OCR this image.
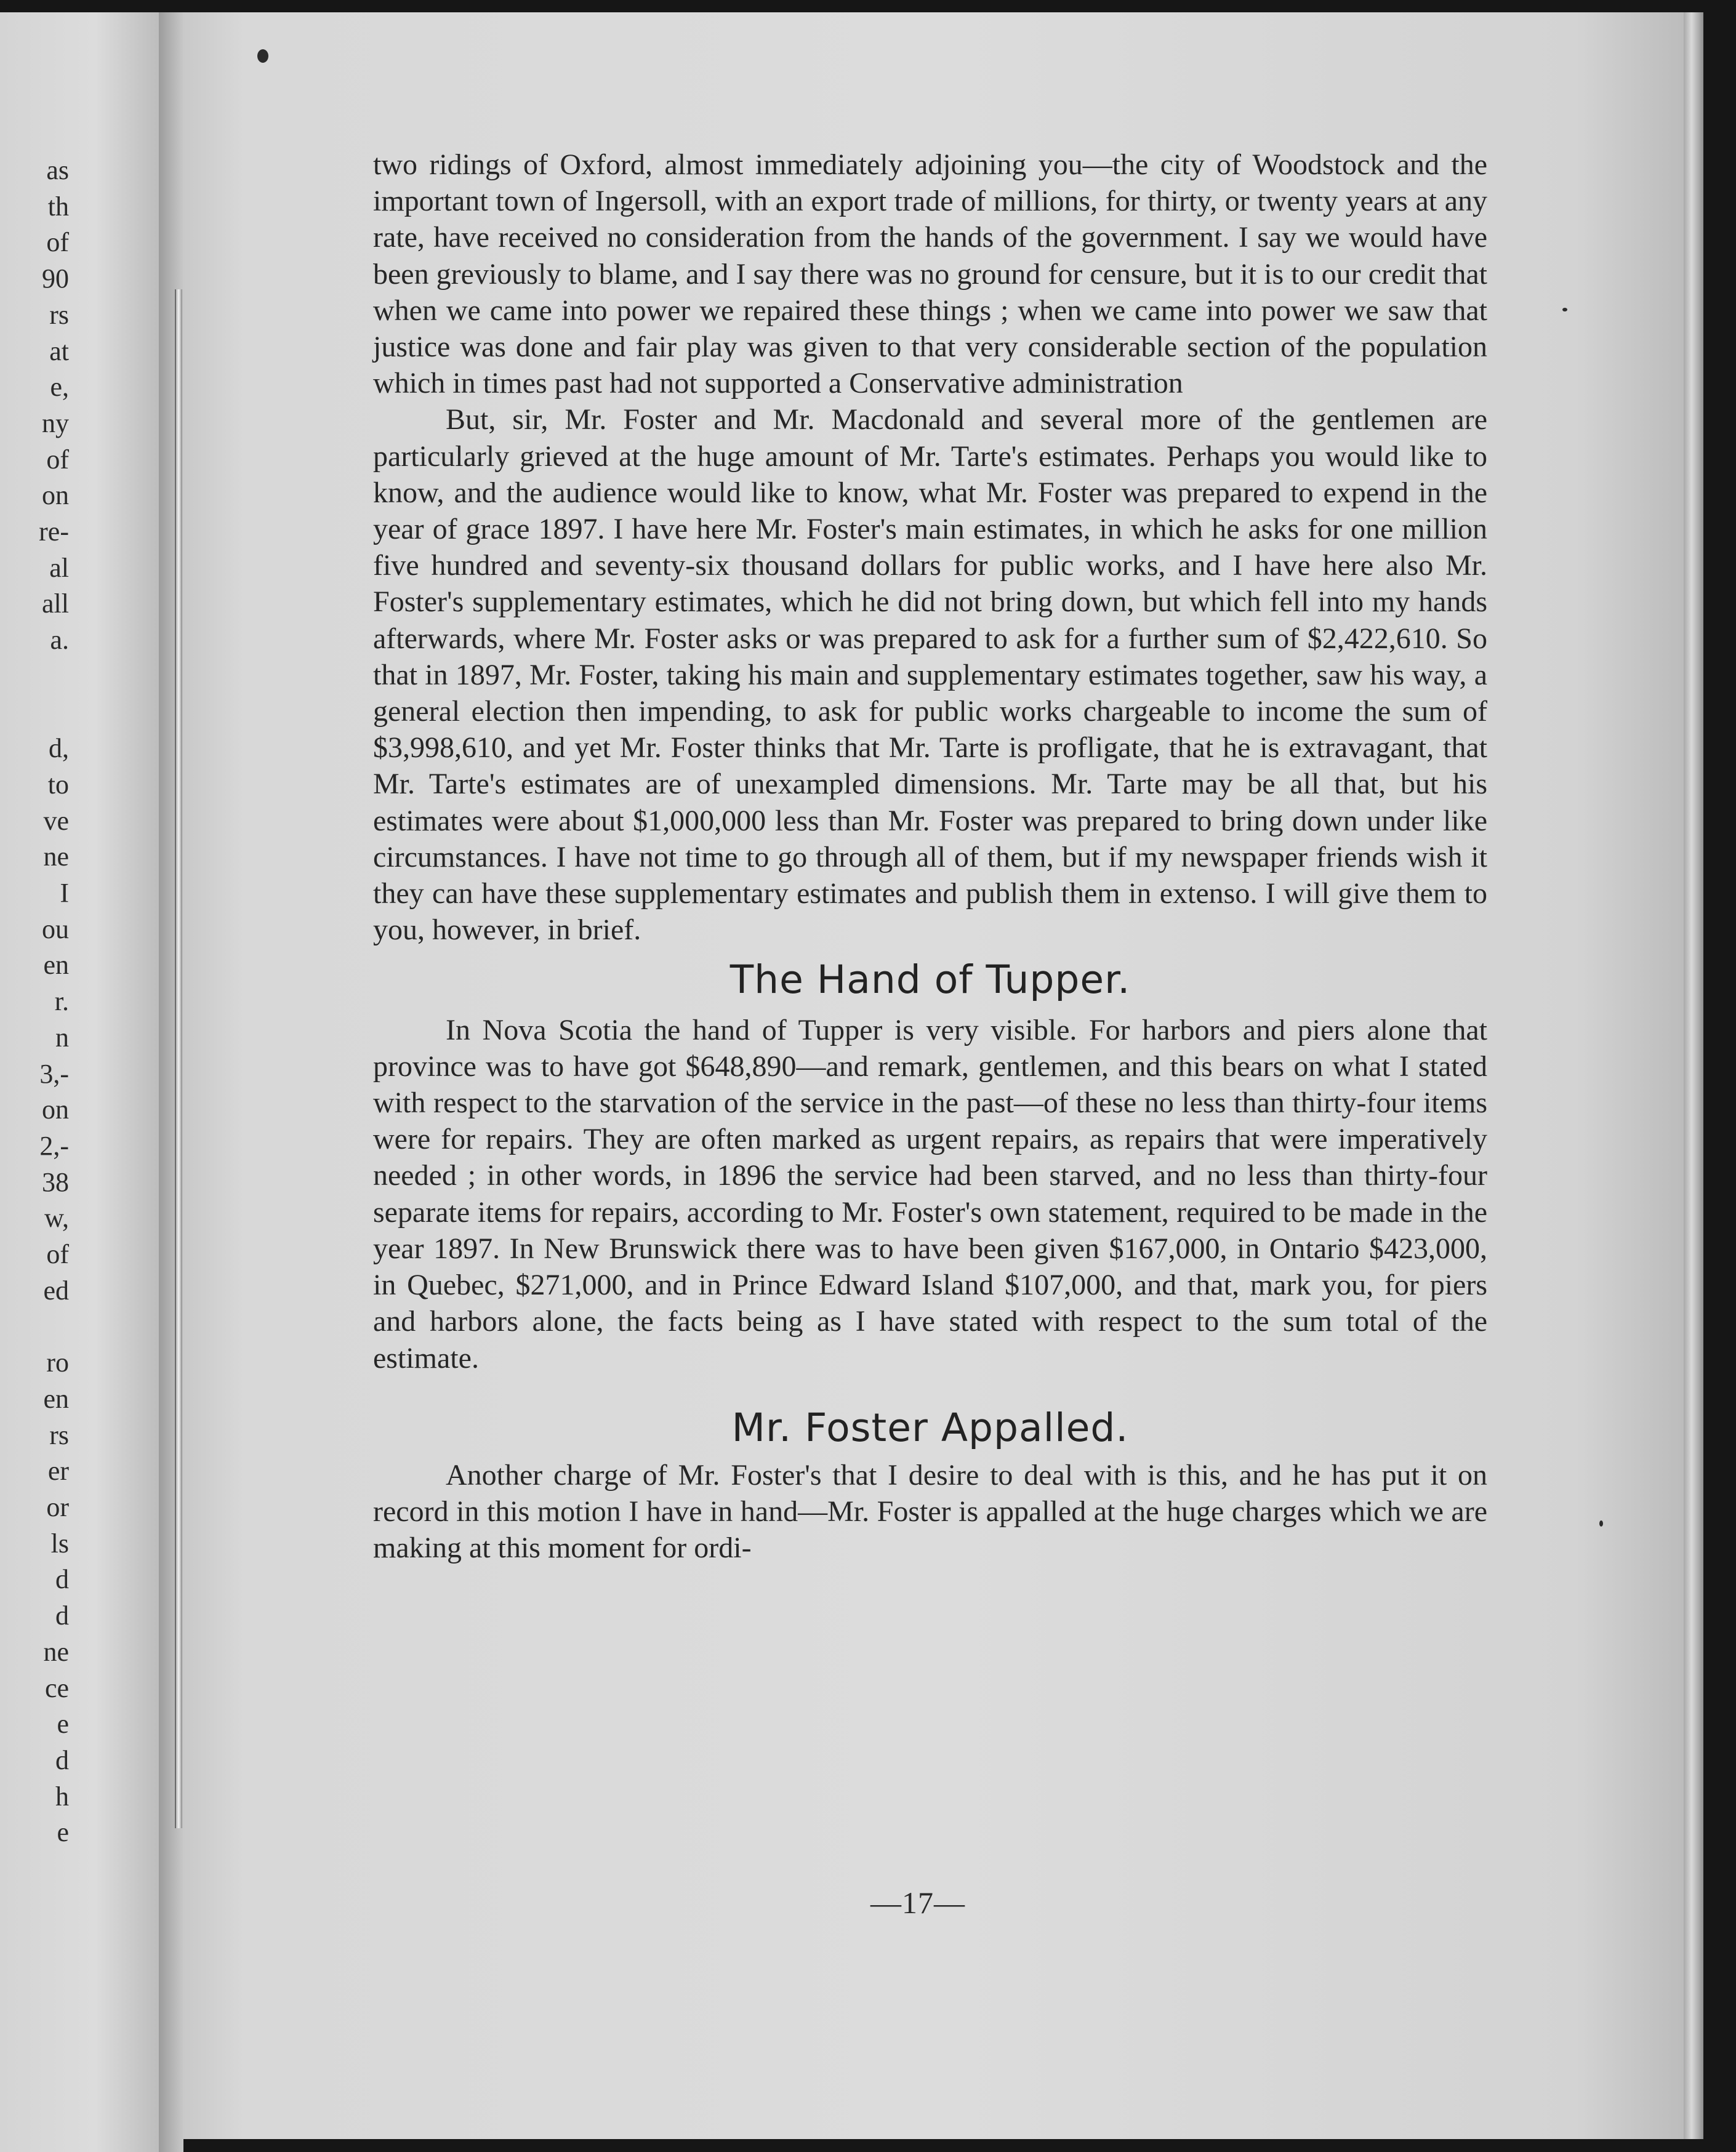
as
th
of
90
rs
at
e,
ny
of
on
re-
al
all
a.

d,
to
ve
ne
I
ou
en
r.
n
3,-
on
2,-
38
w,
of
ed

ro
en
rs
er
or
ls
d
d
ne
ce
e
d
h
e

two ridings of Oxford, almost immediately adjoining you—the city of Woodstock and the important town of Ingersoll, with an export trade of millions, for thirty, or twenty years at any rate, have received no consideration from the hands of the government. I say we would have been greviously to blame, and I say there was no ground for censure, but it is to our credit that when we came into power we repaired these things ; when we came into power we saw that justice was done and fair play was given to that very considerable section of the population which in times past had not supported a Conservative administration

But, sir, Mr. Foster and Mr. Macdonald and several more of the gentlemen are particularly grieved at the huge amount of Mr. Tarte's estimates. Perhaps you would like to know, and the audience would like to know, what Mr. Foster was prepared to expend in the year of grace 1897. I have here Mr. Foster's main estimates, in which he asks for one million five hundred and seventy-six thousand dollars for public works, and I have here also Mr. Foster's supplementary estimates, which he did not bring down, but which fell into my hands afterwards, where Mr. Foster asks or was prepared to ask for a further sum of $2,422,610. So that in 1897, Mr. Foster, taking his main and supplementary estimates together, saw his way, a general election then impending, to ask for public works chargeable to income the sum of $3,998,610, and yet Mr. Foster thinks that Mr. Tarte is profligate, that he is extravagant, that Mr. Tarte's estimates are of unexampled dimensions. Mr. Tarte may be all that, but his estimates were about $1,000,000 less than Mr. Foster was prepared to bring down under like circumstances. I have not time to go through all of them, but if my newspaper friends wish it they can have these supplementary estimates and publish them in extenso. I will give them to you, however, in brief.

The Hand of Tupper.

In Nova Scotia the hand of Tupper is very visible. For harbors and piers alone that province was to have got $648,890—and remark, gentlemen, and this bears on what I stated with respect to the starvation of the service in the past—of these no less than thirty-four items were for repairs. They are often marked as urgent repairs, as repairs that were imperatively needed ; in other words, in 1896 the service had been starved, and no less than thirty-four separate items for repairs, according to Mr. Foster's own statement, required to be made in the year 1897. In New Brunswick there was to have been given $167,000, in Ontario $423,000, in Quebec, $271,000, and in Prince Edward Island $107,000, and that, mark you, for piers and harbors alone, the facts being as I have stated with respect to the sum total of the estimate.

Mr. Foster Appalled.

Another charge of Mr. Foster's that I desire to deal with is this, and he has put it on record in this motion I have in hand—Mr. Foster is appalled at the huge charges which we are making at this moment for ordi-

—17—
